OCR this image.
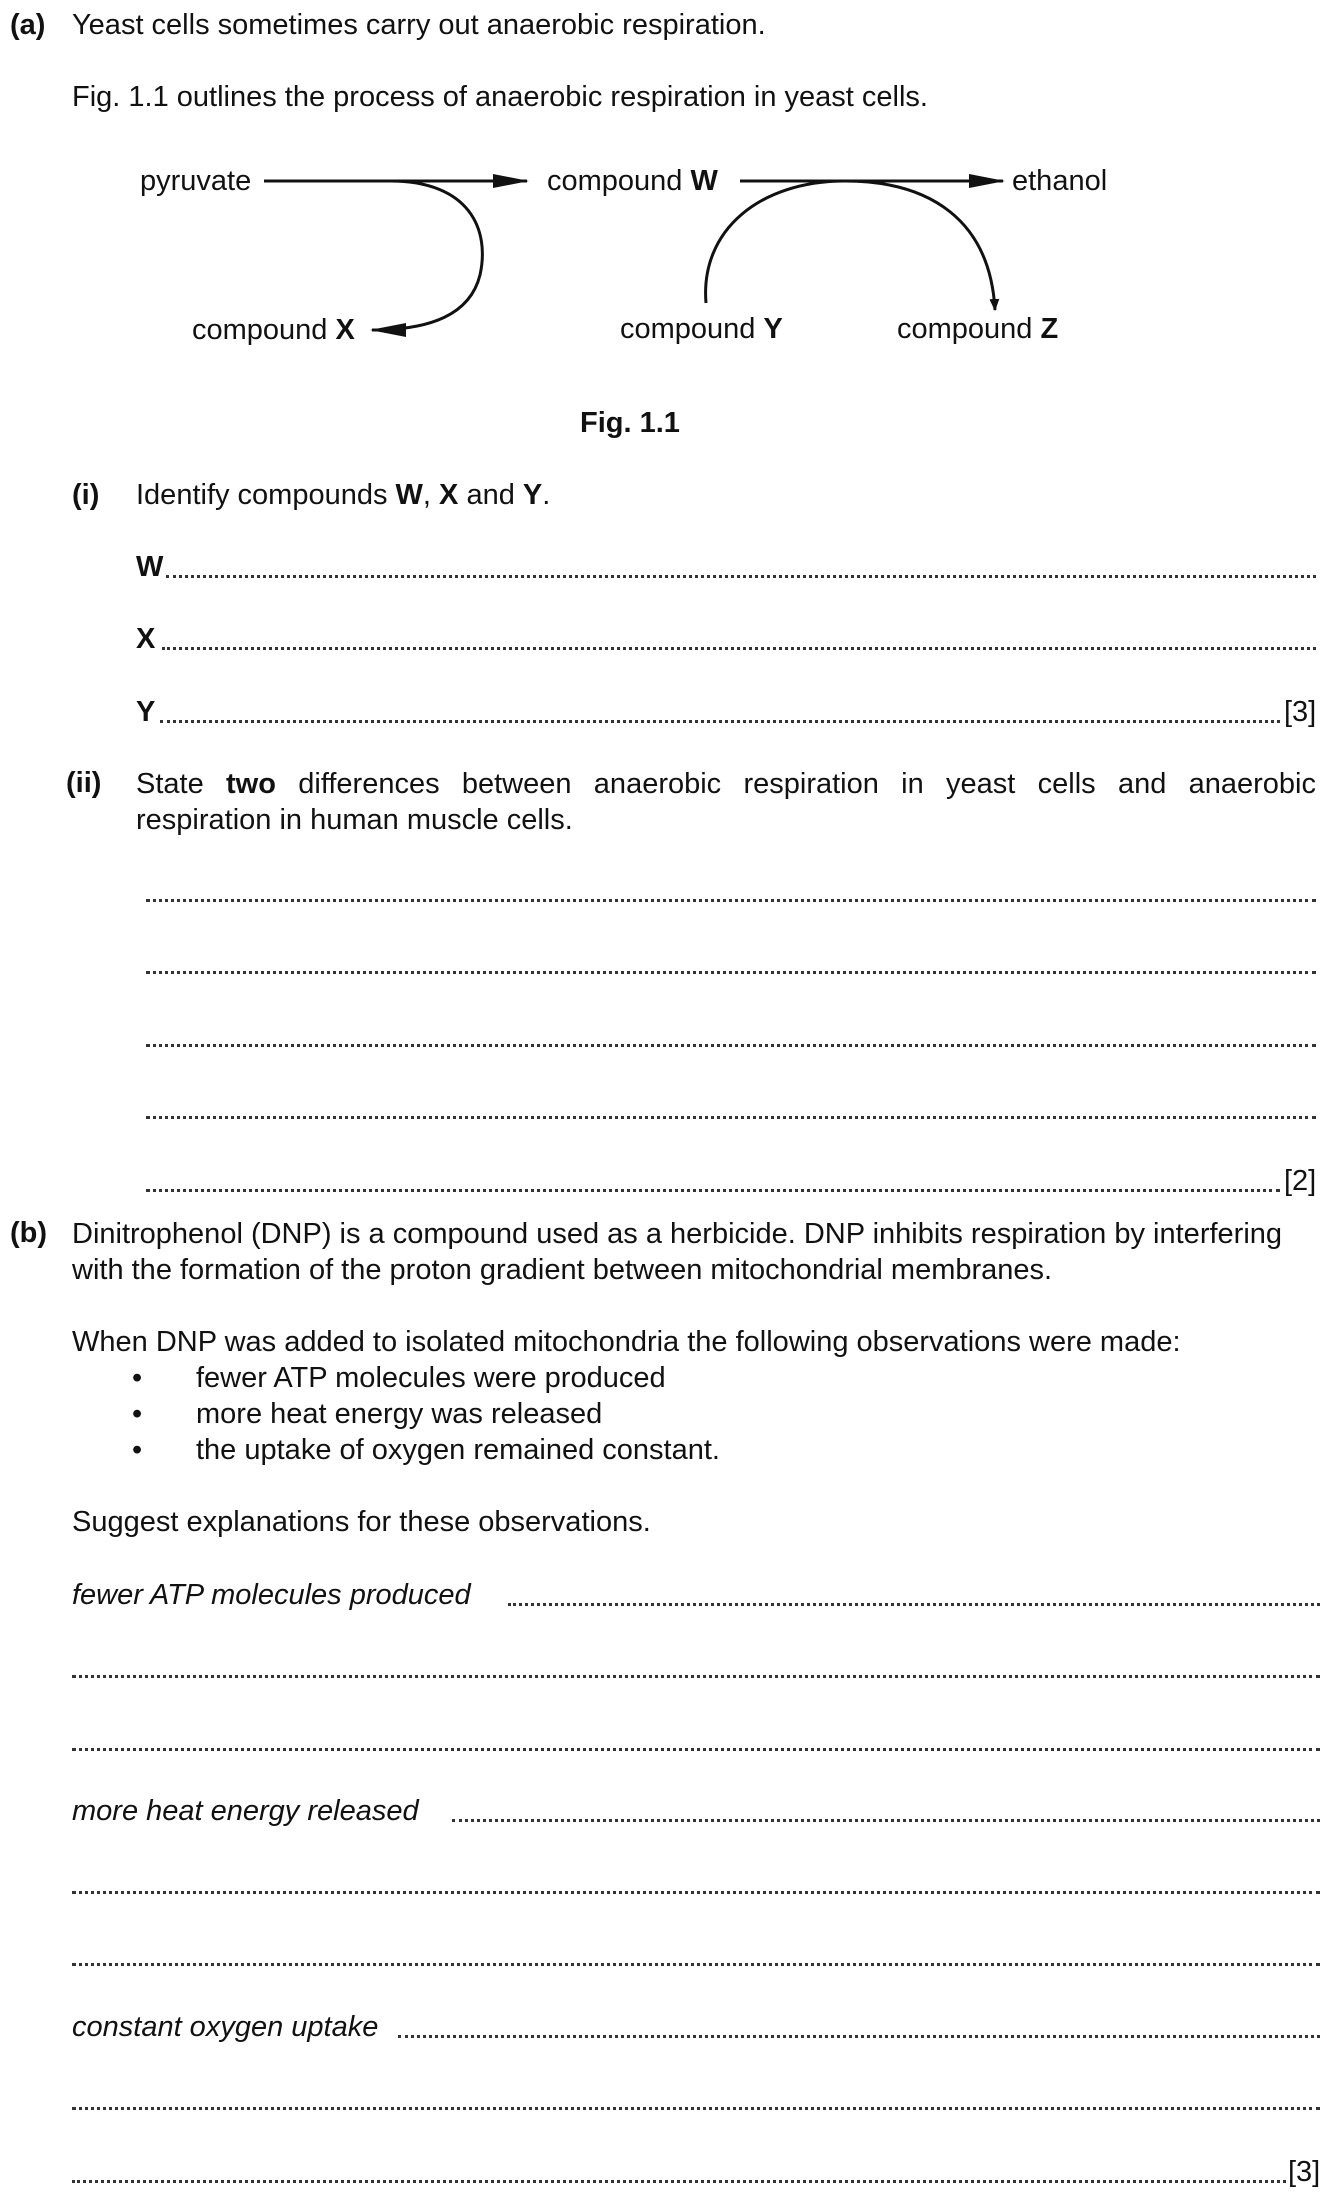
(a) Yeast cells sometimes carry out anaerobic respiration.
Fig. 1.1 outlines the process of anaerobic respiration in yeast cells.
pyruvate	compound W	ethanol
compound X	compound Y	compound Z
Fig. 1.1
(i) Identify compounds W, X and Y.
W
X
Y	[3]
(ii) State two differences between anaerobic respiration in yeast cells and anaerobic respiration in human muscle cells.
[2]
(b) Dinitrophenol (DNP) is a compound used as a herbicide. DNP inhibits respiration by interfering with the formation of the proton gradient between mitochondrial membranes.
When DNP was added to isolated mitochondria the following observations were made:
• fewer ATP molecules were produced
• more heat energy was released
• the uptake of oxygen remained constant.
Suggest explanations for these observations.
fewer ATP molecules produced
more heat energy released
constant oxygen uptake
[3]
